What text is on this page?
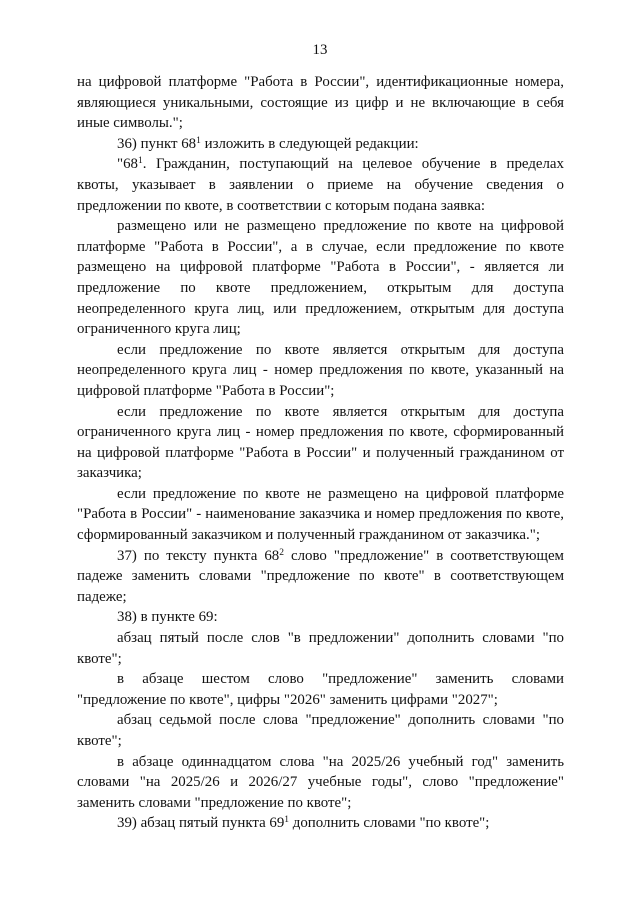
13

на цифровой платформе "Работа в России", идентификационные номера, являющиеся уникальными, состоящие из цифр и не включающие в себя иные символы.";

36) пункт $68^1$ изложить в следующей редакции:

"$68^1$. Гражданин, поступающий на целевое обучение в пределах квоты, указывает в заявлении о приеме на обучение сведения о предложении по квоте, в соответствии с которым подана заявка:

размещено или не размещено предложение по квоте на цифровой платформе "Работа в России", а в случае, если предложение по квоте размещено на цифровой платформе "Работа в России", - является ли предложение по квоте предложением, открытым для доступа неопределенного круга лиц, или предложением, открытым для доступа ограниченного круга лиц;

если предложение по квоте является открытым для доступа неопределенного круга лиц - номер предложения по квоте, указанный на цифровой платформе "Работа в России";

если предложение по квоте является открытым для доступа ограниченного круга лиц - номер предложения по квоте, сформированный на цифровой платформе "Работа в России" и полученный гражданином от заказчика;

если предложение по квоте не размещено на цифровой платформе "Работа в России" - наименование заказчика и номер предложения по квоте, сформированный заказчиком и полученный гражданином от заказчика.";

37) по тексту пункта $68^2$ слово "предложение" в соответствующем падеже заменить словами "предложение по квоте" в соответствующем падеже;

38) в пункте 69:

абзац пятый после слов "в предложении" дополнить словами "по квоте";

в абзаце шестом слово "предложение" заменить словами "предложение по квоте", цифры "2026" заменить цифрами "2027";

абзац седьмой после слова "предложение" дополнить словами "по квоте";

в абзаце одиннадцатом слова "на 2025/26 учебный год" заменить словами "на 2025/26 и 2026/27 учебные годы", слово "предложение" заменить словами "предложение по квоте";

39) абзац пятый пункта $69^1$ дополнить словами "по квоте";
